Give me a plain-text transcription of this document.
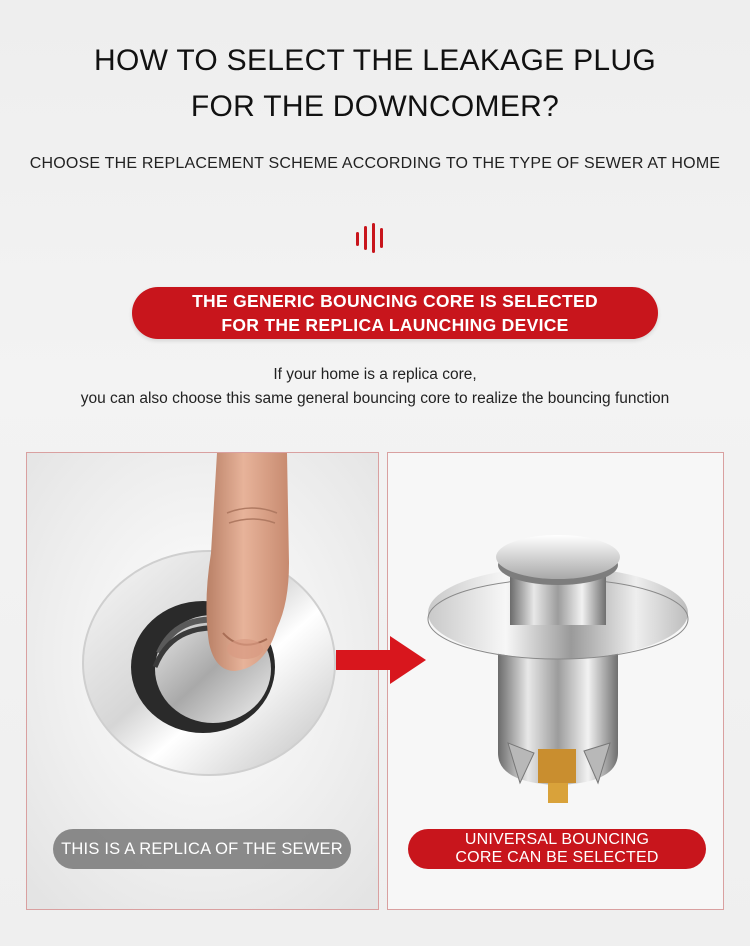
HOW TO SELECT THE LEAKAGE PLUG
FOR THE DOWNCOMER?
CHOOSE THE REPLACEMENT SCHEME ACCORDING TO THE TYPE OF SEWER AT HOME
THE GENERIC BOUNCING CORE IS SELECTED
FOR THE REPLICA LAUNCHING DEVICE
If your home is a replica core,
you can also choose this same general bouncing core to realize the bouncing function
THIS IS A REPLICA OF THE SEWER	UNIVERSAL BOUNCING
CORE CAN BE SELECTED
